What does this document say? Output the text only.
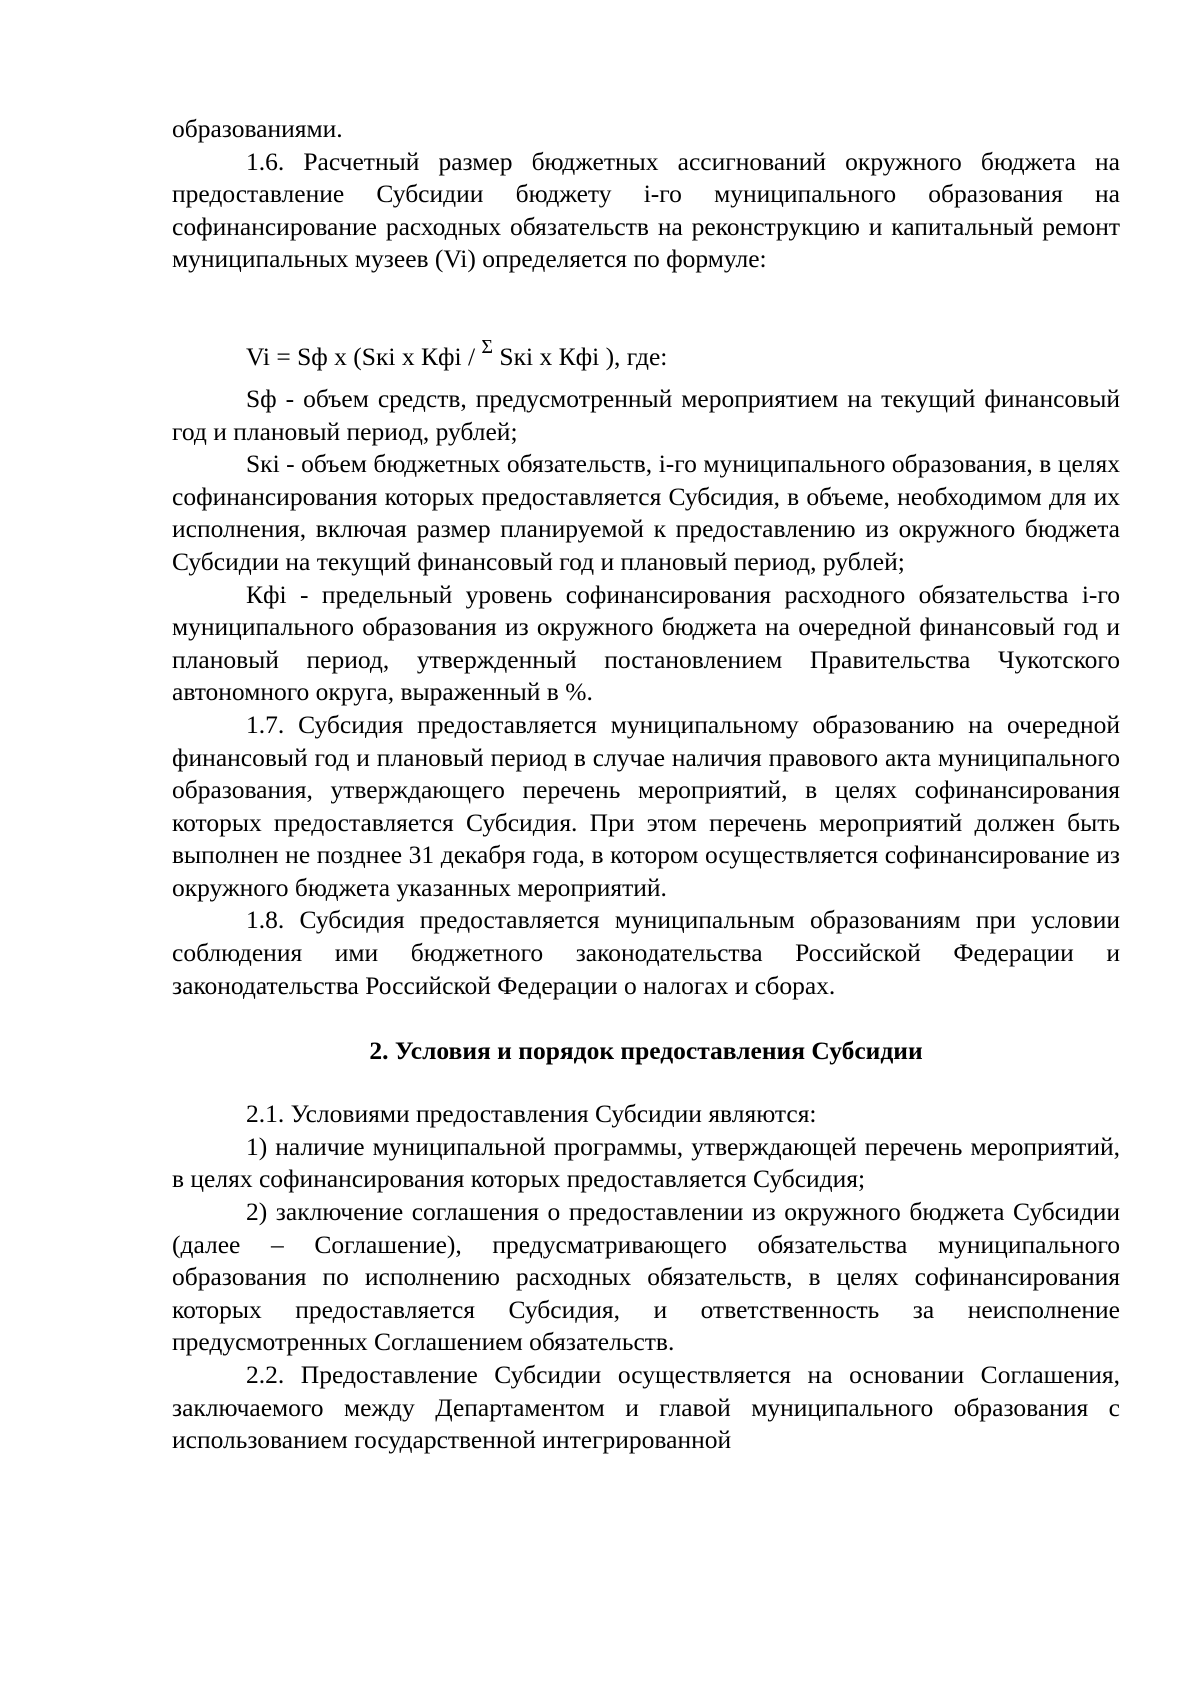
образованиями.

1.6. Расчетный размер бюджетных ассигнований окружного бюджета на предоставление Субсидии бюджету i-го муниципального образования на софинансирование расходных обязательств на реконструкцию и капитальный ремонт муниципальных музеев (Vi) определяется по формуле:

Vi = Sф x (Sкi x Кфi / $^\Sigma$ Sкi x Кфi ), где:

Sф - объем средств, предусмотренный мероприятием на текущий финансовый год и плановый период, рублей;

Sкi - объем бюджетных обязательств, i-го муниципального образования, в целях софинансирования которых предоставляется Субсидия, в объеме, необходимом для их исполнения, включая размер планируемой к предоставлению из окружного бюджета Субсидии на текущий финансовый год и плановый период, рублей;

Кфi - предельный уровень софинансирования расходного обязательства i-го муниципального образования из окружного бюджета на очередной финансовый год и плановый период, утвержденный постановлением Правительства Чукотского автономного округа, выраженный в %.

1.7. Субсидия предоставляется муниципальному образованию на очередной финансовый год и плановый период в случае наличия правового акта муниципального образования, утверждающего перечень мероприятий, в целях софинансирования которых предоставляется Субсидия. При этом перечень мероприятий должен быть выполнен не позднее 31 декабря года, в котором осуществляется софинансирование из окружного бюджета указанных мероприятий.

1.8. Субсидия предоставляется муниципальным образованиям при условии соблюдения ими бюджетного законодательства Российской Федерации и законодательства Российской Федерации о налогах и сборах.

2. Условия и порядок предоставления Субсидии

2.1. Условиями предоставления Субсидии являются:

1) наличие муниципальной программы, утверждающей перечень мероприятий, в целях софинансирования которых предоставляется Субсидия;

2) заключение соглашения о предоставлении из окружного бюджета Субсидии (далее – Соглашение), предусматривающего обязательства муниципального образования по исполнению расходных обязательств, в целях софинансирования которых предоставляется Субсидия, и ответственность за неисполнение предусмотренных Соглашением обязательств.

2.2. Предоставление Субсидии осуществляется на основании Соглашения, заключаемого между Департаментом и главой муниципального образования с использованием государственной интегрированной
